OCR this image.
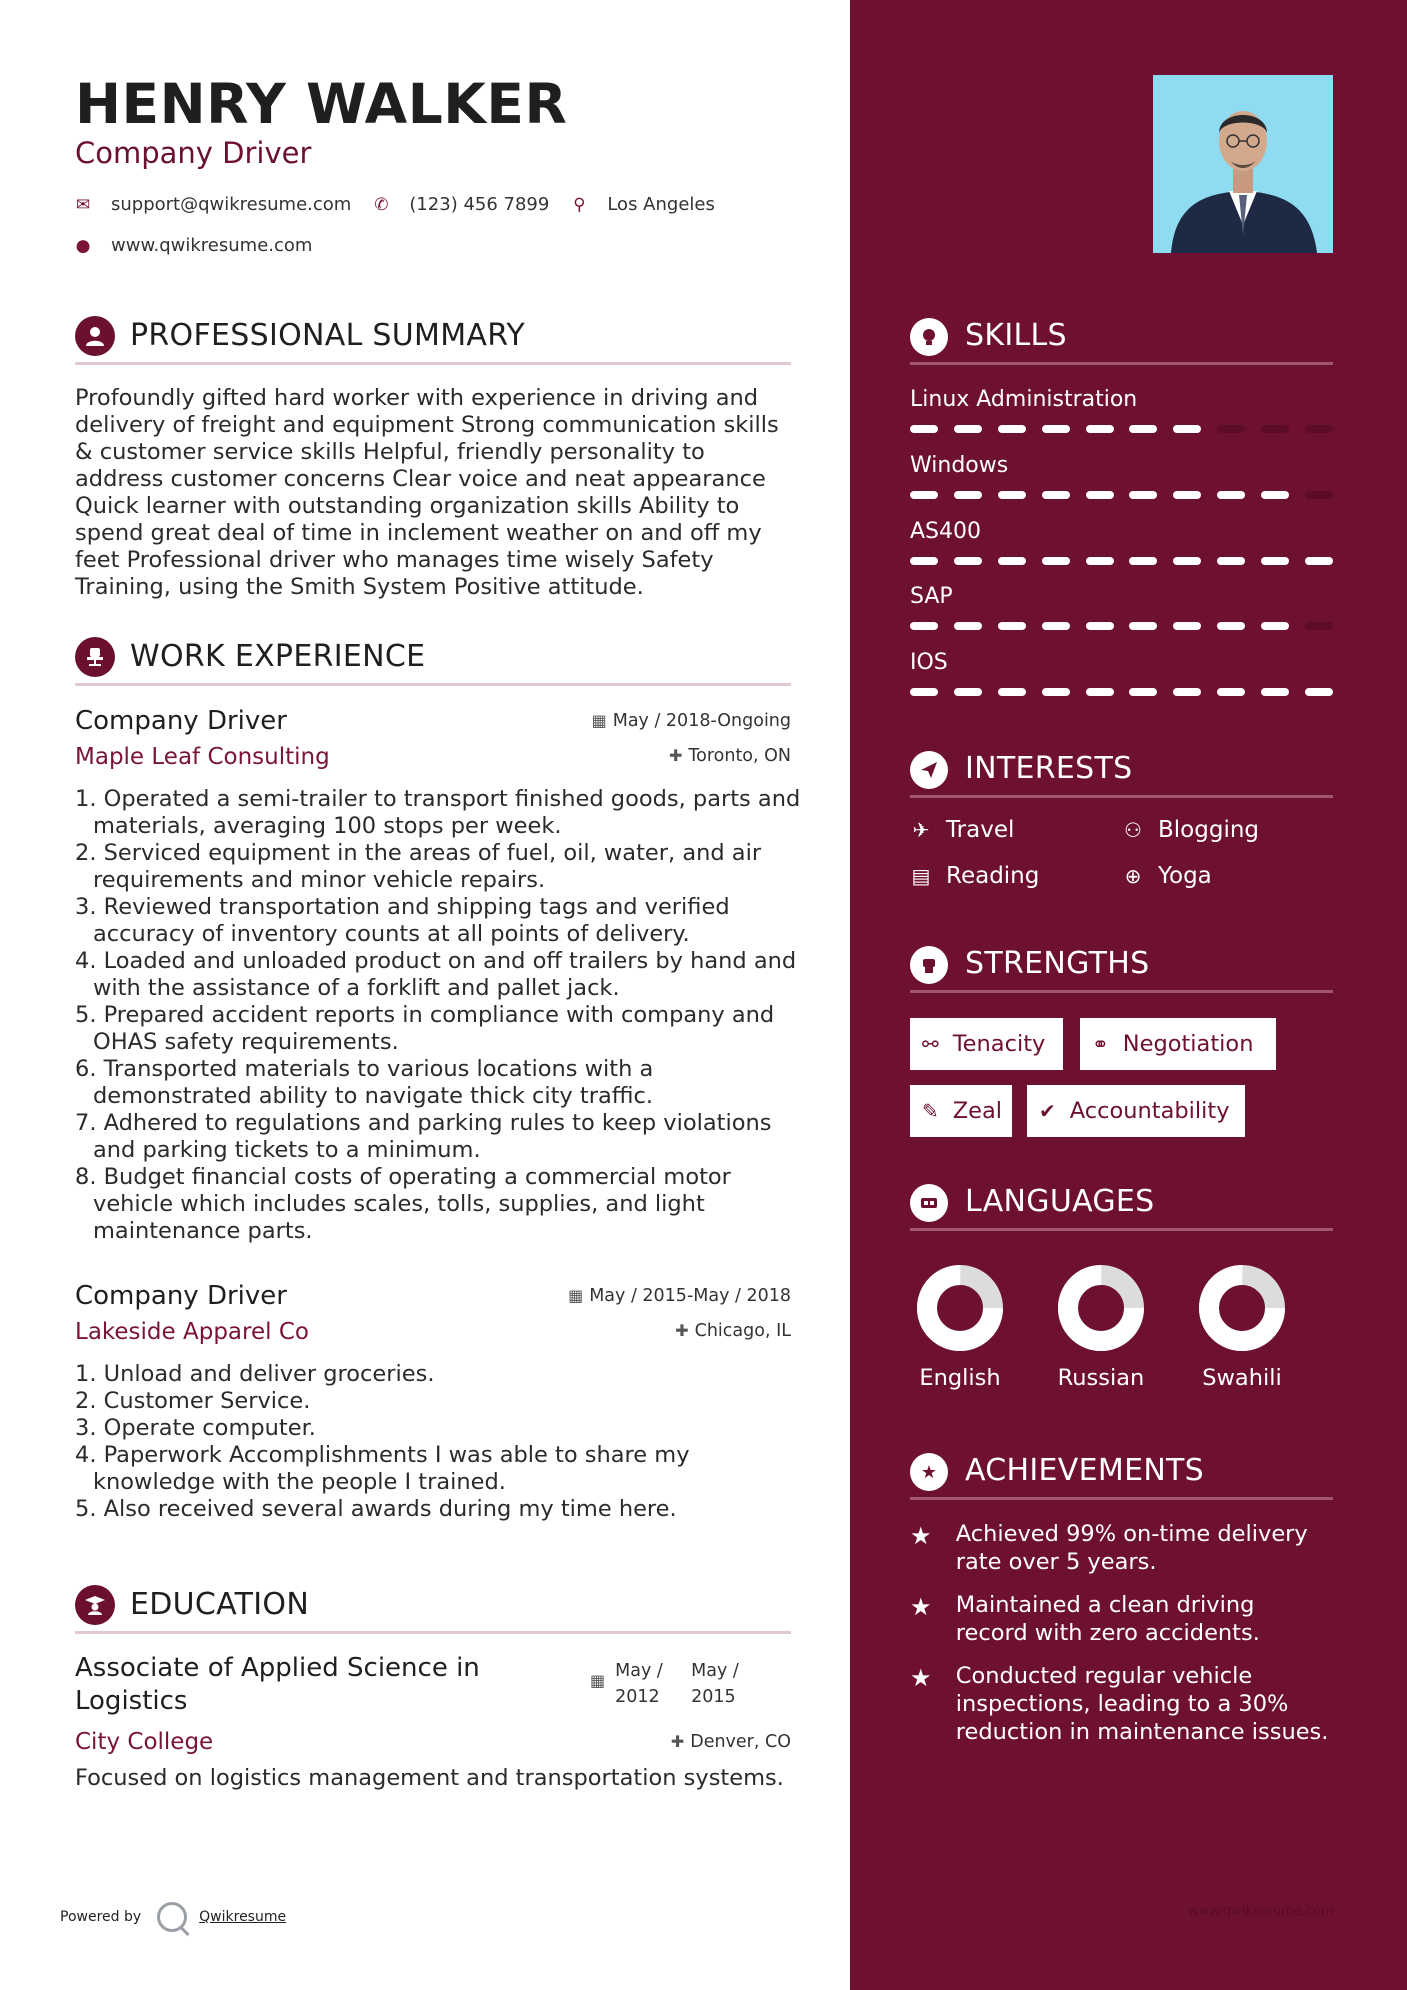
HENRY WALKER
Company Driver
✉ support@qwikresume.com ✆ (123) 456 7899 ⚲ Los Angeles
● www.qwikresume.com
PROFESSIONAL SUMMARY
Profoundly gifted hard worker with experience in driving and delivery of freight and equipment Strong communication skills & customer service skills Helpful, friendly personality to address customer concerns Clear voice and neat appearance Quick learner with outstanding organization skills Ability to spend great deal of time in inclement weather on and off my feet Professional driver who manages time wisely Safety Training, using the Smith System Positive attitude.
WORK EXPERIENCE
Company Driver	▦ May / 2018-Ongoing
Maple Leaf Consulting	✚ Toronto, ON
1. Operated a semi-trailer to transport finished goods, parts and materials, averaging 100 stops per week.
2. Serviced equipment in the areas of fuel, oil, water, and air requirements and minor vehicle repairs.
3. Reviewed transportation and shipping tags and verified accuracy of inventory counts at all points of delivery.
4. Loaded and unloaded product on and off trailers by hand and with the assistance of a forklift and pallet jack.
5. Prepared accident reports in compliance with company and OHAS safety requirements.
6. Transported materials to various locations with a demonstrated ability to navigate thick city traffic.
7. Adhered to regulations and parking rules to keep violations and parking tickets to a minimum.
8. Budget financial costs of operating a commercial motor vehicle which includes scales, tolls, supplies, and light maintenance parts.
Company Driver	▦ May / 2015-May / 2018
Lakeside Apparel Co	✚ Chicago, IL
1. Unload and deliver groceries.
2. Customer Service.
3. Operate computer.
4. Paperwork Accomplishments I was able to share my knowledge with the people I trained.
5. Also received several awards during my time here.
EDUCATION
Associate of Applied Science in Logistics
▦ May /
2012
May /
2015
City College	✚ Denver, CO
Focused on logistics management and transportation systems.
Powered by	Qwikresume
SKILLS
Linux Administration
Windows
AS400
SAP
IOS
INTERESTS
✈ Travel	⚇ Blogging
▤ Reading	⊕ Yoga
STRENGTHS
⚯ Tenacity ⚭ Negotiation
✎ Zeal ✔ Accountability
LANGUAGES
English	Russian	Swahili
★ ACHIEVEMENTS
★	Achieved 99% on-time delivery rate over 5 years.
★	Maintained a clean driving record with zero accidents.
★	Conducted regular vehicle inspections, leading to a 30% reduction in maintenance issues.
www.qwikresume.com
